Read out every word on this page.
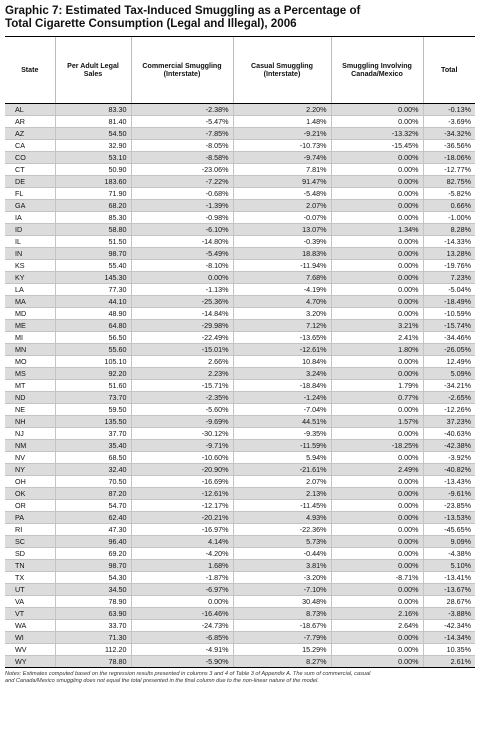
Graphic 7: Estimated Tax-Induced Smuggling as a Percentage of
Total Cigarette Consumption (Legal and Illegal), 2006
State	Per Adult Legal Sales	Commercial Smuggling (Interstate)	Casual Smuggling (Interstate)	Smuggling Involving Canada/Mexico	Total
AL	83.30	-2.38%	2.20%	0.00%	-0.13%
AR	81.40	-5.47%	1.48%	0.00%	-3.69%
AZ	54.50	-7.85%	-9.21%	-13.32%	-34.32%
CA	32.90	-8.05%	-10.73%	-15.45%	-36.56%
CO	53.10	-8.58%	-9.74%	0.00%	-18.06%
CT	50.90	-23.06%	7.81%	0.00%	-12.77%
DE	183.60	-7.22%	91.47%	0.00%	82.75%
FL	71.90	-0.68%	-5.48%	0.00%	-5.82%
GA	68.20	-1.39%	2.07%	0.00%	0.66%
IA	85.30	-0.98%	-0.07%	0.00%	-1.00%
ID	58.80	-6.10%	13.07%	1.34%	8.28%
IL	51.50	-14.80%	-0.39%	0.00%	-14.33%
IN	98.70	-5.49%	18.83%	0.00%	13.28%
KS	55.40	-8.10%	-11.94%	0.00%	-19.76%
KY	145.30	0.00%	7.68%	0.00%	7.23%
LA	77.30	-1.13%	-4.19%	0.00%	-5.04%
MA	44.10	-25.36%	4.70%	0.00%	-18.49%
MD	48.90	-14.84%	3.20%	0.00%	-10.59%
ME	64.80	-29.98%	7.12%	3.21%	-15.74%
MI	56.50	-22.49%	-13.65%	2.41%	-34.46%
MN	55.60	-15.01%	-12.61%	1.80%	-26.05%
MO	105.10	2.66%	10.84%	0.00%	12.49%
MS	92.20	2.23%	3.24%	0.00%	5.09%
MT	51.60	-15.71%	-18.84%	1.79%	-34.21%
ND	73.70	-2.35%	-1.24%	0.77%	-2.65%
NE	59.50	-5.60%	-7.04%	0.00%	-12.26%
NH	135.50	-9.69%	44.51%	1.57%	37.23%
NJ	37.70	-30.12%	-9.35%	0.00%	-40.63%
NM	35.40	-9.71%	-11.59%	-18.25%	-42.38%
NV	68.50	-10.60%	5.94%	0.00%	-3.92%
NY	32.40	-20.90%	-21.61%	2.49%	-40.82%
OH	70.50	-16.69%	2.07%	0.00%	-13.43%
OK	87.20	-12.61%	2.13%	0.00%	-9.61%
OR	54.70	-12.17%	-11.45%	0.00%	-23.85%
PA	62.40	-20.21%	4.93%	0.00%	-13.53%
RI	47.30	-16.97%	-22.36%	0.00%	-45.65%
SC	96.40	4.14%	5.73%	0.00%	9.09%
SD	69.20	-4.20%	-0.44%	0.00%	-4.38%
TN	98.70	1.68%	3.81%	0.00%	5.10%
TX	54.30	-1.87%	-3.20%	-8.71%	-13.41%
UT	34.50	-6.97%	-7.10%	0.00%	-13.67%
VA	78.90	0.00%	30.48%	0.00%	28.67%
VT	63.90	-16.46%	8.73%	2.16%	-3.88%
WA	33.70	-24.73%	-18.67%	2.64%	-42.34%
WI	71.30	-6.85%	-7.79%	0.00%	-14.34%
WV	112.20	-4.91%	15.29%	0.00%	10.35%
WY	78.80	-5.90%	8.27%	0.00%	2.61%
Notes: Estimates computed based on the regression results presented in columns 3 and 4 of Table 3 of Appendix A. The sum of commercial, casual
and Canada/Mexico smuggling does not equal the total presented in the final column due to the non-linear nature of the model.
